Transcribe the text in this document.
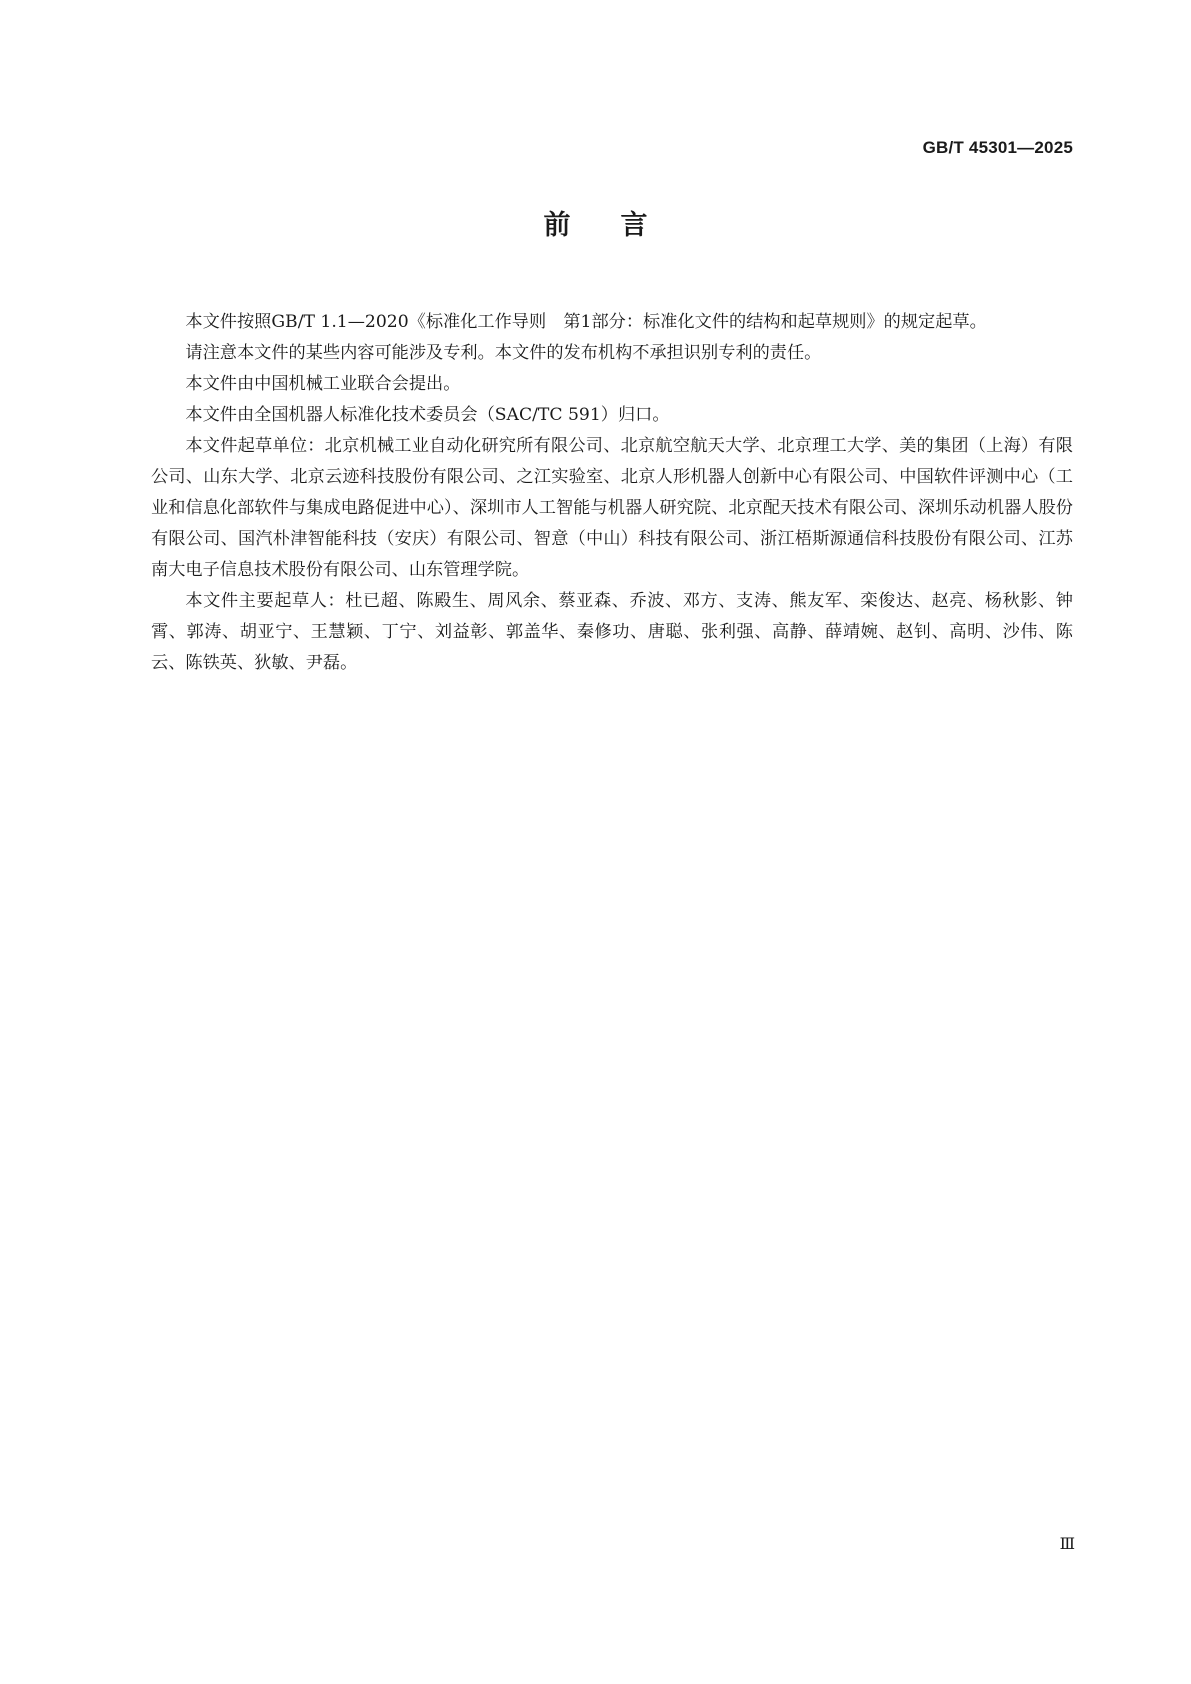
GB/T 45301—2025
前言

本文件按照GB/T 1.1—2020《标准化工作导则　第1部分：标准化文件的结构和起草规则》的规定起草。

请注意本文件的某些内容可能涉及专利。本文件的发布机构不承担识别专利的责任。

本文件由中国机械工业联合会提出。

本文件由全国机器人标准化技术委员会（SAC/TC 591）归口。

本文件起草单位：北京机械工业自动化研究所有限公司、北京航空航天大学、北京理工大学、美的集团（上海）有限公司、山东大学、北京云迹科技股份有限公司、之江实验室、北京人形机器人创新中心有限公司、中国软件评测中心（工业和信息化部软件与集成电路促进中心）、深圳市人工智能与机器人研究院、北京配天技术有限公司、深圳乐动机器人股份有限公司、国汽朴津智能科技（安庆）有限公司、智意（中山）科技有限公司、浙江梧斯源通信科技股份有限公司、江苏南大电子信息技术股份有限公司、山东管理学院。

本文件主要起草人：杜已超、陈殿生、周风余、蔡亚森、乔波、邓方、支涛、熊友军、栾俊达、赵亮、杨秋影、钟霄、郭涛、胡亚宁、王慧颖、丁宁、刘益彰、郭盖华、秦修功、唐聪、张利强、高静、薛靖婉、赵钊、高明、沙伟、陈云、陈铁英、狄敏、尹磊。

Ⅲ
